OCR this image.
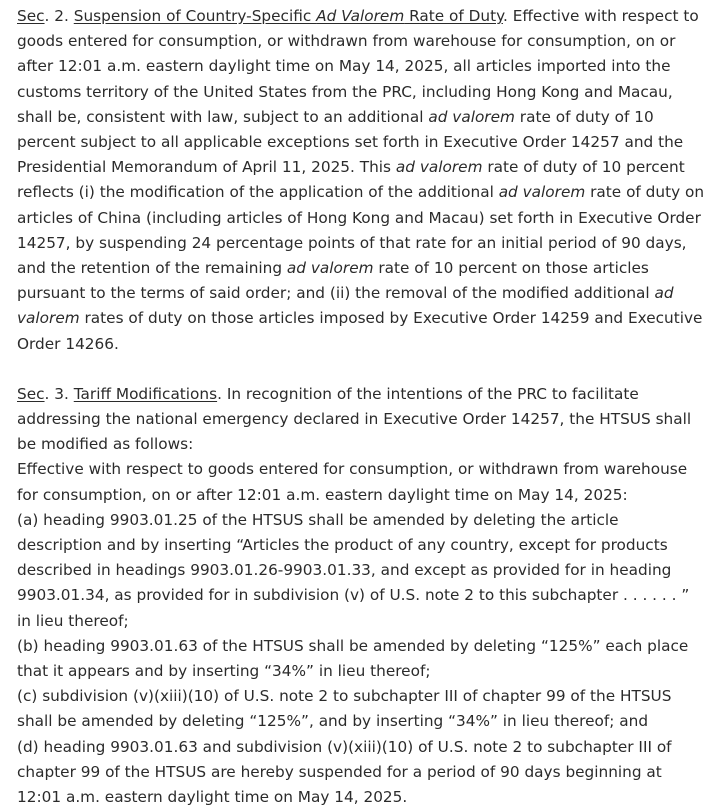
Sec. 2. Suspension of Country-Specific Ad Valorem Rate of Duty. Effective with respect to goods entered for consumption, or withdrawn from warehouse for consumption, on or after 12:01 a.m. eastern daylight time on May 14, 2025, all articles imported into the customs territory of the United States from the PRC, including Hong Kong and Macau, shall be, consistent with law, subject to an additional ad valorem rate of duty of 10 percent subject to all applicable exceptions set forth in Executive Order 14257 and the Presidential Memorandum of April 11, 2025. This ad valorem rate of duty of 10 percent reflects (i) the modification of the application of the additional ad valorem rate of duty on articles of China (including articles of Hong Kong and Macau) set forth in Executive Order 14257, by suspending 24 percentage points of that rate for an initial period of 90 days, and the retention of the remaining ad valorem rate of 10 percent on those articles pursuant to the terms of said order; and (ii) the removal of the modified additional ad valorem rates of duty on those articles imposed by Executive Order 14259 and Executive Order 14266.

Sec. 3. Tariff Modifications. In recognition of the intentions of the PRC to facilitate addressing the national emergency declared in Executive Order 14257, the HTSUS shall be modified as follows:

Effective with respect to goods entered for consumption, or withdrawn from warehouse for consumption, on or after 12:01 a.m. eastern daylight time on May 14, 2025:

(a) heading 9903.01.25 of the HTSUS shall be amended by deleting the article description and by inserting “Articles the product of any country, except for products described in headings 9903.01.26-9903.01.33, and except as provided for in heading 9903.01.34, as provided for in subdivision (v) of U.S. note 2 to this subchapter . . . . . . ” in lieu thereof;

(b) heading 9903.01.63 of the HTSUS shall be amended by deleting “125%” each place that it appears and by inserting “34%” in lieu thereof;

(c) subdivision (v)(xiii)(10) of U.S. note 2 to subchapter III of chapter 99 of the HTSUS shall be amended by deleting “125%”, and by inserting “34%” in lieu thereof; and

(d) heading 9903.01.63 and subdivision (v)(xiii)(10) of U.S. note 2 to subchapter III of chapter 99 of the HTSUS are hereby suspended for a period of 90 days beginning at 12:01 a.m. eastern daylight time on May 14, 2025.
